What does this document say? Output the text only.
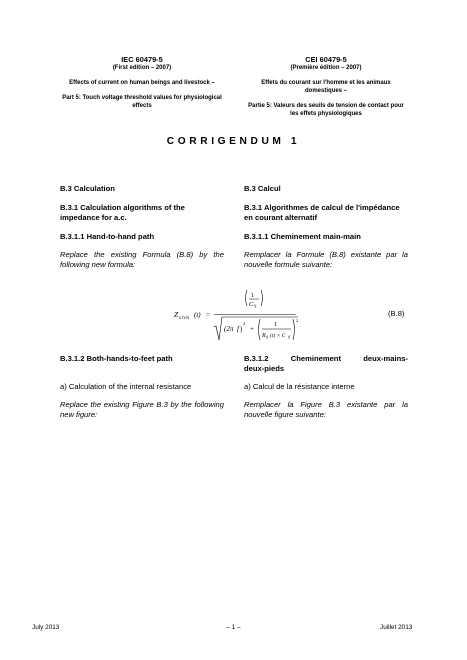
IEC 60479-5
(First edition – 2007)
Effects of current on human beings and livestock –
Part 5: Touch voltage threshold values for physiological effects
CEI 60479-5
(Première édition – 2007)
Effets du courant sur l'homme et les animaux domestiques –
Partie 5: Valeurs des seuils de tension de contact pour les effets physiologiques
CORRIGENDUM 1
B.3 Calculation
B.3.1 Calculation algorithms of the impedance for a.c.
B.3.1.1 Hand-to-hand path
Replace the existing Formula (B.8) by the following new formula:
B.3.1.2 Both-hands-to-feet path
a) Calculation of the internal resistance
Replace the existing Figure B.3 by the following new figure:
B.3 Calcul
B.3.1 Algorithmes de calcul de l'impédance en courant alternatif
B.3.1.1 Cheminement main-main
Remplacer la Formule (B.8) existante par la nouvelle formule suivante:
B.3.1.2 Cheminement deux-mains-
deux-pieds
a) Calcul de la résistance interne
Remplacer la Figure B.3 existante par la nouvelle figure suivante:
Z s h-h (t) =
1
C S
(2π f )
2
+
1
R S (t) × C S
2
(B.8)
July 2013	– 1 –	Juillet 2013
